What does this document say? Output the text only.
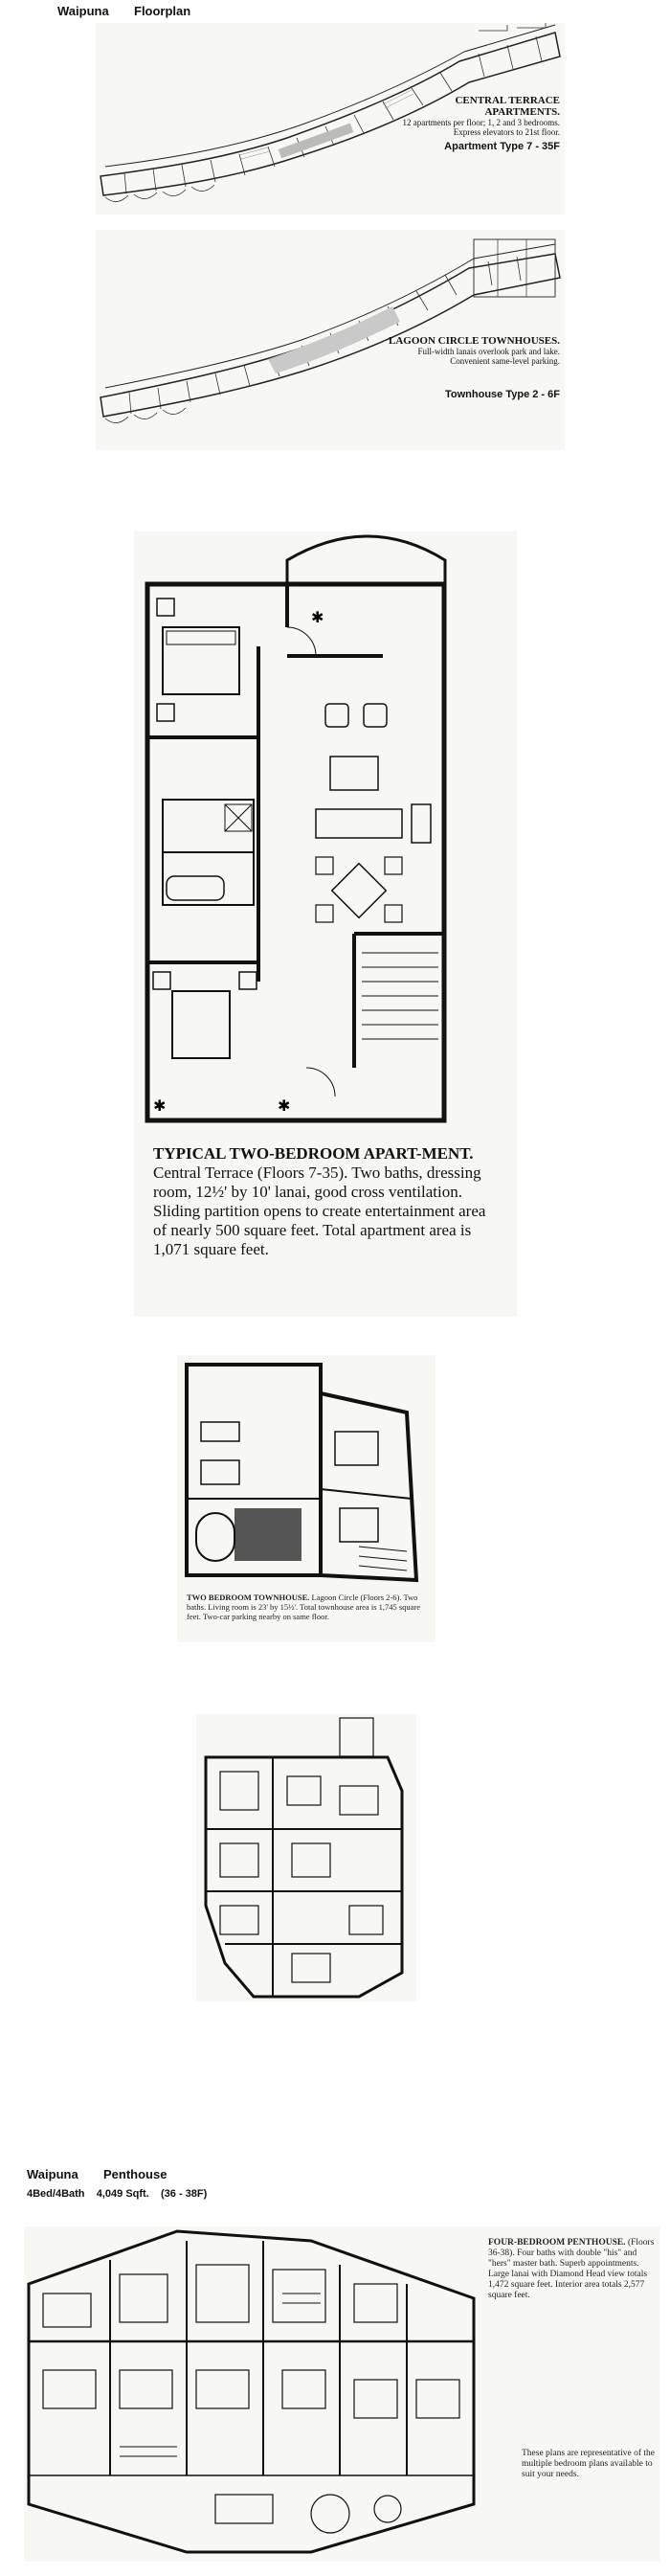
Waipuna Floorplan
CENTRAL TERRACE APARTMENTS.
12 apartments per floor; 1, 2 and 3 bedrooms. Express elevators to 21st floor.
Apartment Type 7 - 35F
LAGOON CIRCLE TOWNHOUSES.
Full-width lanais overlook park and lake. Convenient same-level parking.
Townhouse Type 2 - 6F
✱
✱	✱
TYPICAL TWO-BEDROOM APART-MENT. Central Terrace (Floors 7-35). Two baths, dressing room, 12½' by 10' lanai, good cross ventilation. Sliding partition opens to create entertainment area of nearly 500 square feet. Total apartment area is 1,071 square feet.
TWO BEDROOM TOWNHOUSE. Lagoon Circle (Floors 2-6). Two baths. Living room is 23' by 15½'. Total townhouse area is 1,745 square feet. Two-car parking nearby on same floor.
Waipuna Penthouse
4Bed/4Bath    4,049 Sqft.    (36 - 38F)
FOUR-BEDROOM PENTHOUSE. (Floors 36-38). Four baths with double "his" and "hers" master bath. Superb appointments. Large lanai with Diamond Head view totals 1,472 square feet. Interior area totals 2,577 square feet.
These plans are representative of the multiple bedroom plans available to suit your needs.
